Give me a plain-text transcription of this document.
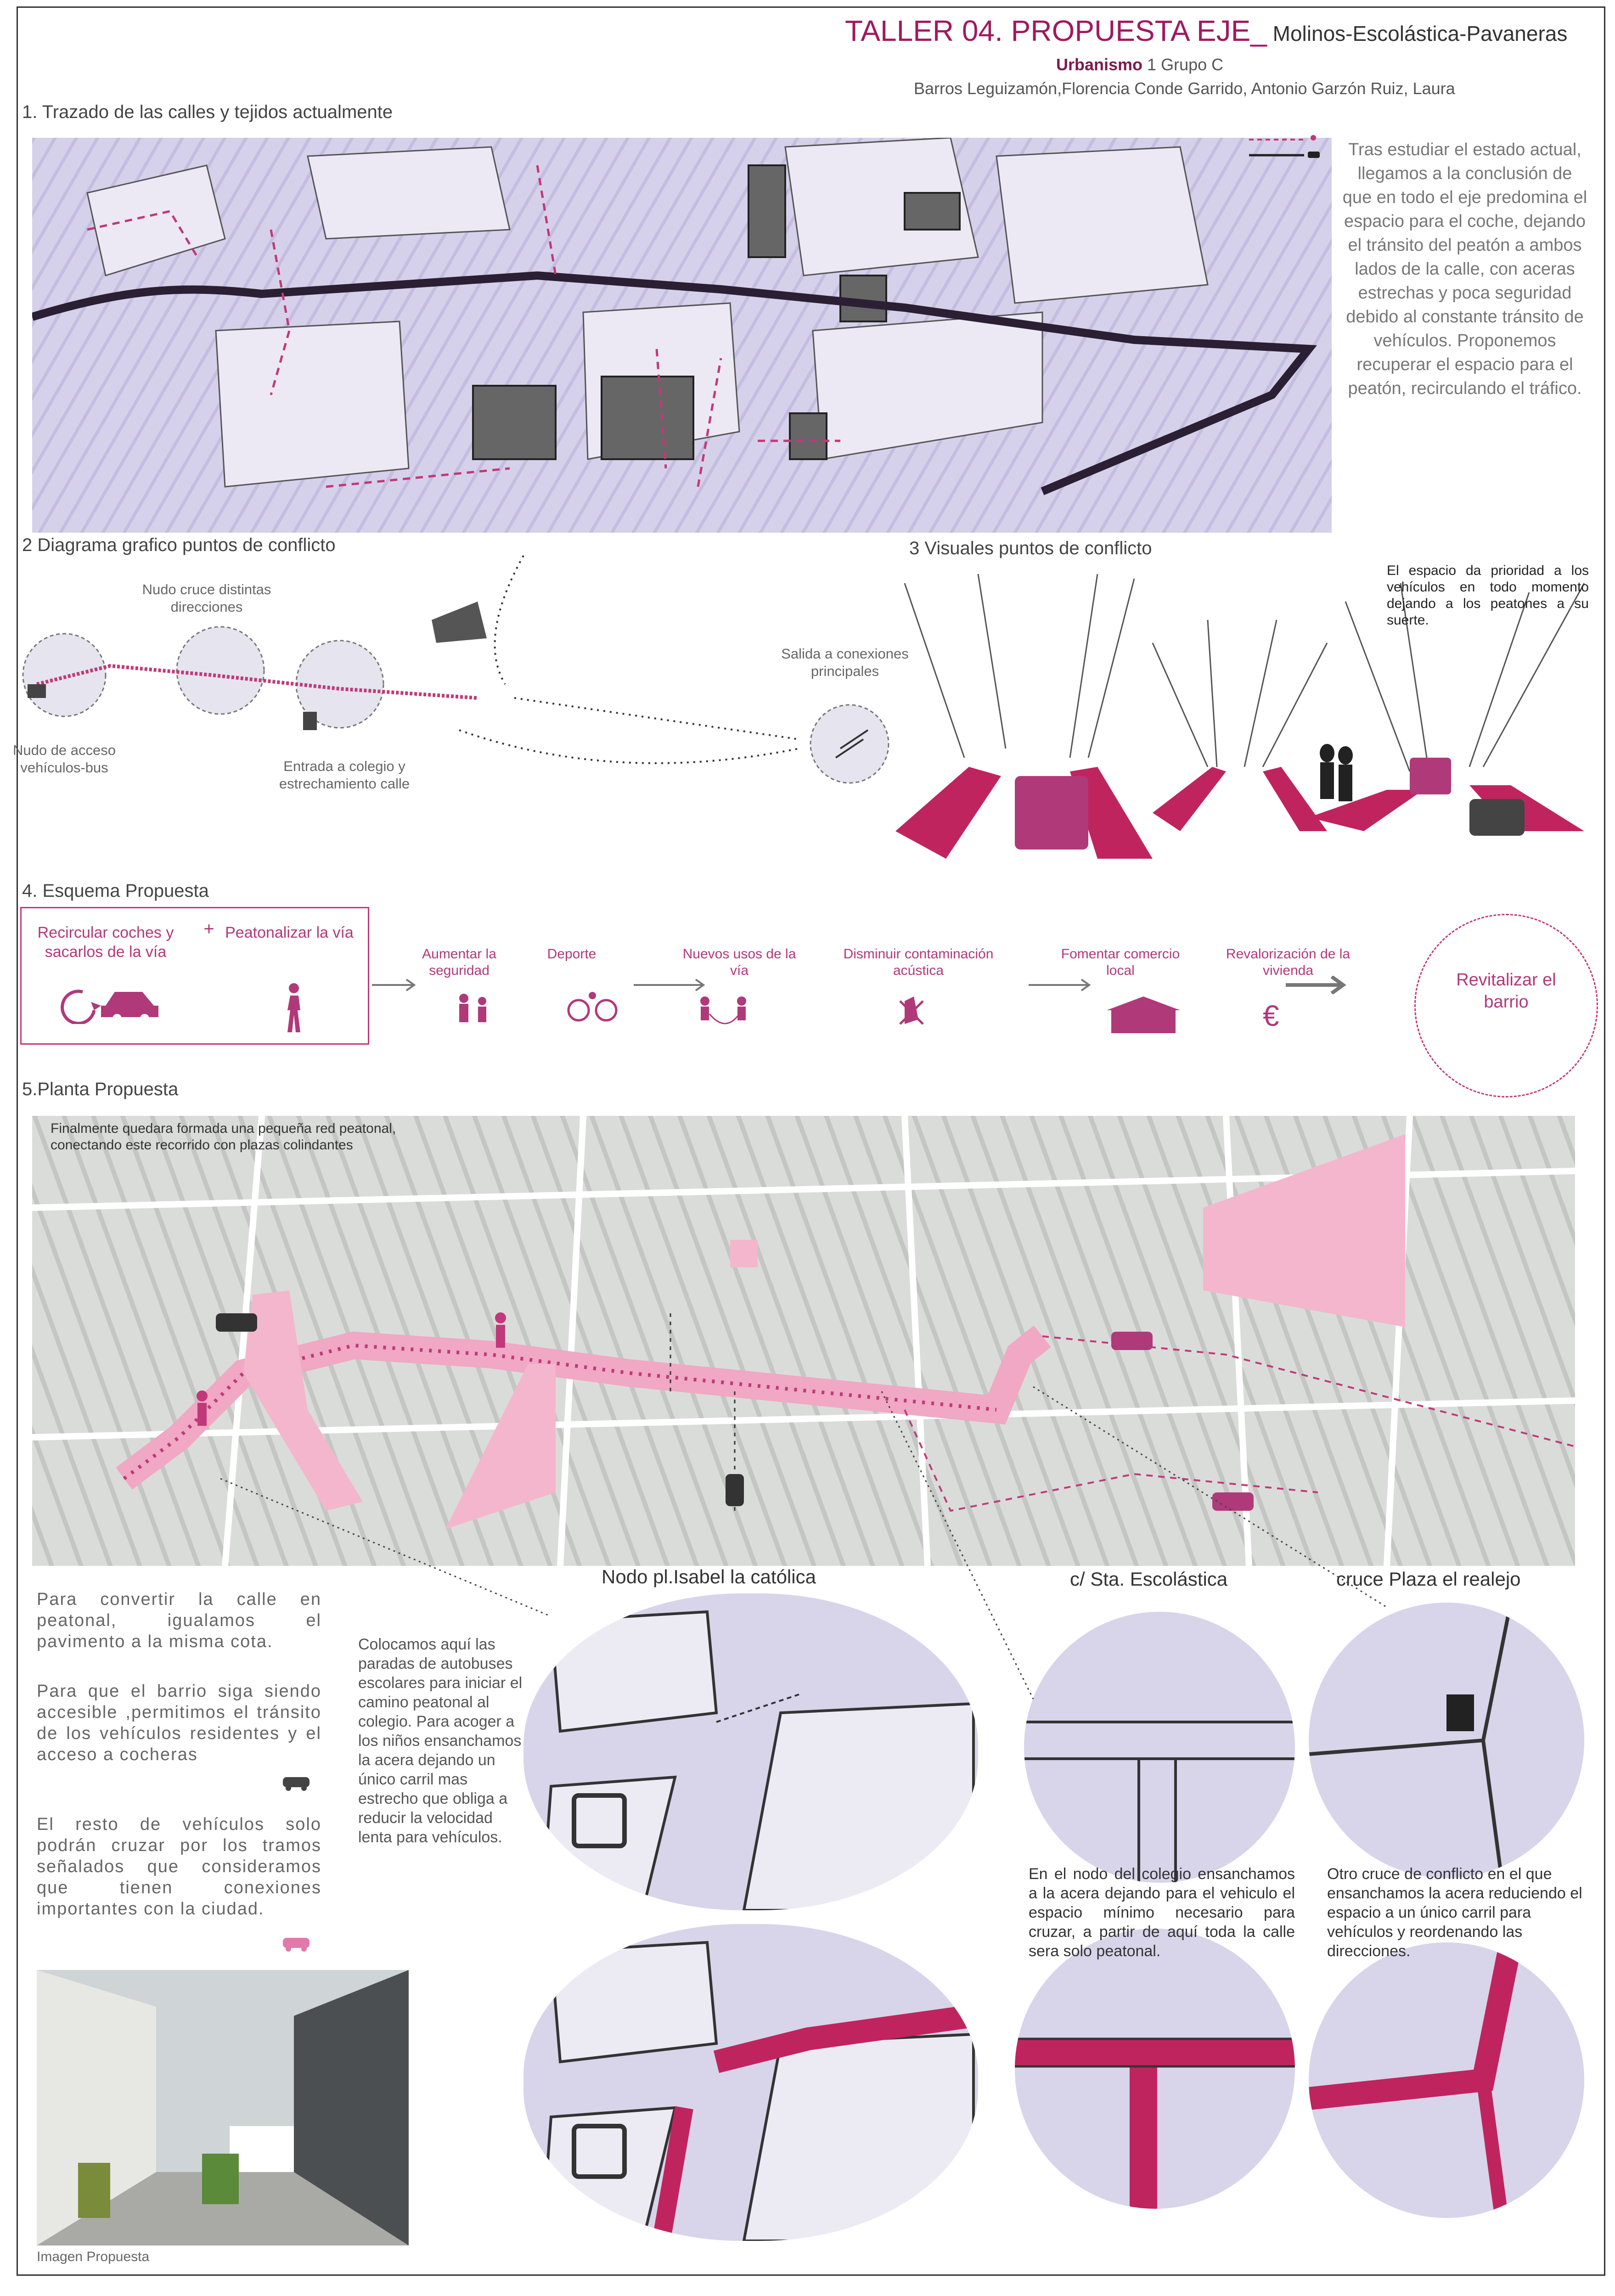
TALLER 04. PROPUESTA EJE_ Molinos-Escolástica-Pavaneras
Urbanismo 1 Grupo C
Barros Leguizamón,Florencia Conde Garrido, Antonio Garzón Ruiz, Laura
1. Trazado de las calles y tejidos actualmente
Tras estudiar el estado actual, llegamos a la conclusión de que en todo el eje predomina el espacio para el coche, dejando el tránsito del peatón a ambos lados de la calle, con aceras estrechas y poca seguridad debido al constante tránsito de vehículos. Proponemos recuperar el espacio para el peatón, recirculando el tráfico.
2 Diagrama grafico puntos de conflicto
Nudo cruce distintas direcciones
Nudo de acceso vehículos-bus	Entrada a colegio y estrechamiento calle
Salida a conexiones principales
3 Visuales puntos de conflicto
El espacio da prioridad a los vehículos en todo momento dejando a los peatones a su suerte.
4. Esquema Propuesta
Recircular coches y sacarlos de la vía
+ Peatonalizar la vía
Aumentar la seguridad
Deporte	Nuevos usos de la vía
Disminuir contaminación acústica
Fomentar comercio local
Revalorización de la vivienda
€
Revitalizar el barrio
5.Planta Propuesta
Finalmente quedara formada una pequeña red peatonal, conectando este recorrido con plazas colindantes
Para convertir la calle en peatonal, igualamos el pavimento a la misma cota.
Para que el barrio siga siendo accesible ,permitimos el tránsito de los vehículos residentes y el acceso a cocheras
El resto de vehículos solo podrán cruzar por los tramos señalados que consideramos que tienen conexiones importantes con la ciudad.
Imagen Propuesta
Colocamos aquí las paradas de autobuses escolares para iniciar el camino peatonal al colegio. Para acoger a los niños ensanchamos la acera dejando un único carril mas estrecho que obliga a reducir la velocidad lenta para vehículos.
Nodo pl.Isabel la católica	c/ Sta. Escolástica	cruce Plaza el realejo
En el nodo del colegio ensanchamos a la acera dejando para el vehiculo el espacio mínimo necesario para cruzar, a partir de aquí toda la calle sera solo peatonal.
Otro cruce de conflicto en el que ensanchamos la acera reduciendo el espacio a un único carril para vehículos y reordenando las direcciones.
